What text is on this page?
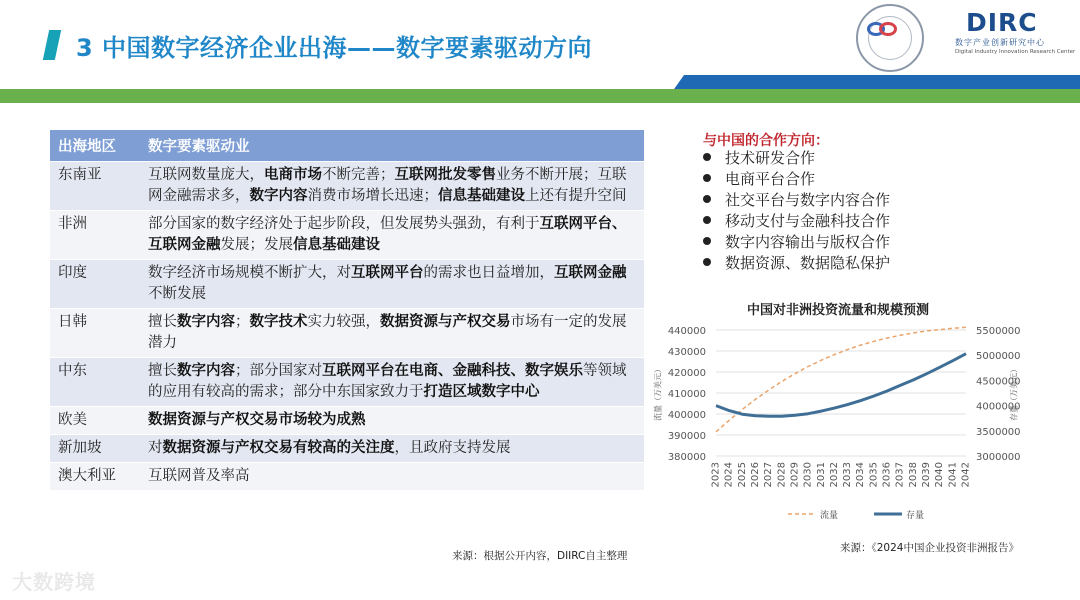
3 中国数字经济企业出海——数字要素驱动方向
DIRC
数字产业创新研究中心
Digital Industry Innovation Research Center
出海地区	数字要素驱动业
东南亚	互联网数量庞大，电商市场不断完善；互联网批发零售业务不断开展；互联网金融需求多，数字内容消费市场增长迅速；信息基础建设上还有提升空间
非洲	部分国家的数字经济处于起步阶段，但发展势头强劲，有利于互联网平台、互联网金融发展；发展信息基础建设
印度	数字经济市场规模不断扩大，对互联网平台的需求也日益增加，互联网金融不断发展
日韩	擅长数字内容；数字技术实力较强，数据资源与产权交易市场有一定的发展潜力
中东	擅长数字内容；部分国家对互联网平台在电商、金融科技、数字娱乐等领域的应用有较高的需求；部分中东国家致力于打造区域数字中心
欧美	数据资源与产权交易市场较为成熟
新加坡	对数据资源与产权交易有较高的关注度，且政府支持发展
澳大利亚	互联网普及率高
来源：根据公开内容，DIIRC自主整理
与中国的合作方向：
技术研发合作
电商平台合作
社交平台与数字内容合作
移动支付与金融科技合作
数字内容输出与版权合作
数据资源、数据隐私保护
中国对非洲投资流量和规模预测
380000
390000
400000
410000
420000
430000
440000
3000000
3500000
4000000
4500000
5000000
5500000
2023 2024 2025 2026 2027 2028 2029 2030 2031 2032 2033 2034 2035 2036 2037 2038 2039 2040 2041 2042
流量（万美元）	存量（万美元）
流量	存量
来源：《2024中国企业投资非洲报告》
大数跨境
